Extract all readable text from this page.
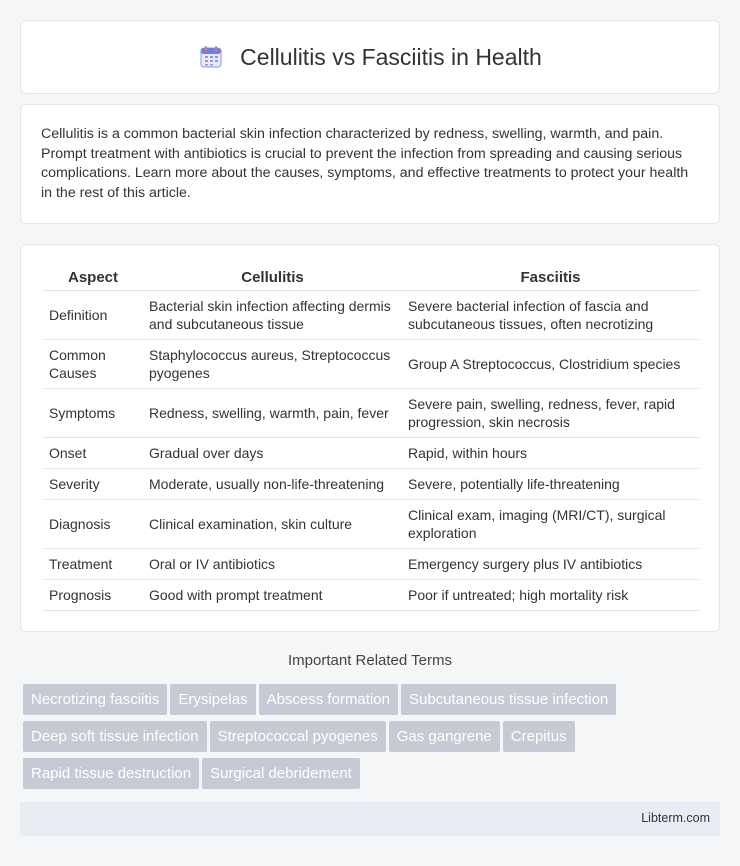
Cellulitis vs Fasciitis in Health

Cellulitis is a common bacterial skin infection characterized by redness, swelling, warmth, and pain. Prompt treatment with antibiotics is crucial to prevent the infection from spreading and causing serious complications. Learn more about the causes, symptoms, and effective treatments to protect your health in the rest of this article.

Aspect	Cellulitis	Fasciitis
Definition	Bacterial skin infection affecting dermis and subcutaneous tissue	Severe bacterial infection of fascia and subcutaneous tissues, often necrotizing
Common Causes	Staphylococcus aureus, Streptococcus pyogenes	Group A Streptococcus, Clostridium species
Symptoms	Redness, swelling, warmth, pain, fever	Severe pain, swelling, redness, fever, rapid progression, skin necrosis
Onset	Gradual over days	Rapid, within hours
Severity	Moderate, usually non-life-threatening	Severe, potentially life-threatening
Diagnosis	Clinical examination, skin culture	Clinical exam, imaging (MRI/CT), surgical exploration
Treatment	Oral or IV antibiotics	Emergency surgery plus IV antibiotics
Prognosis	Good with prompt treatment	Poor if untreated; high mortality risk
Important Related Terms
Necrotizing fasciitis Erysipelas Abscess formation Subcutaneous tissue infection
Deep soft tissue infection Streptococcal pyogenes Gas gangrene Crepitus
Rapid tissue destruction Surgical debridement
Libterm.com
